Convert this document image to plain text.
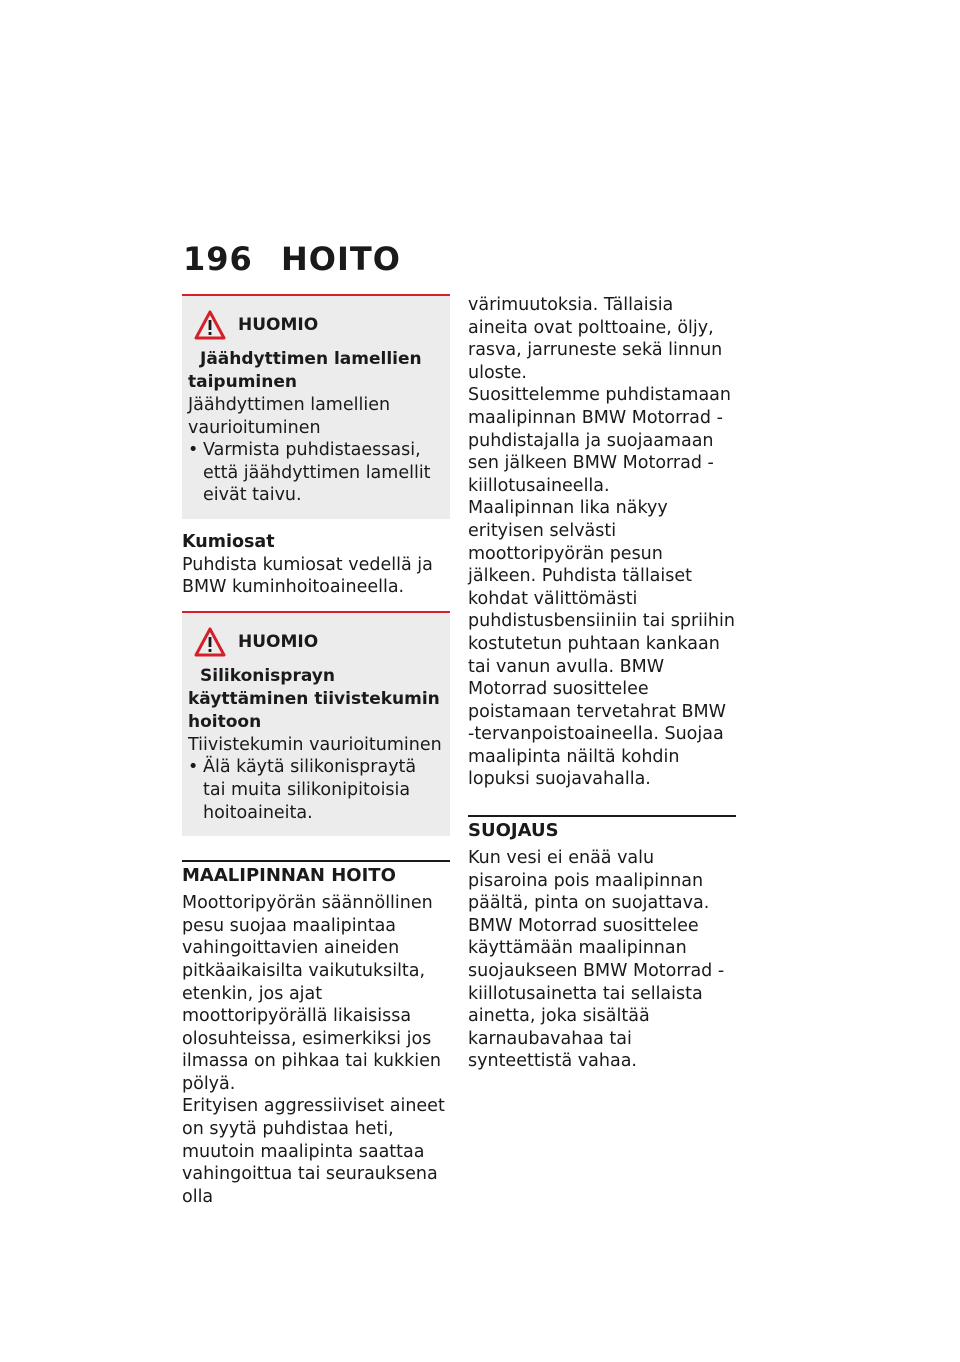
196 HOITO
HUOMIO

Jäähdyttimen lamellien taipuminen

Jäähdyttimen lamellien vaurioituminen

• Varmista puhdistaessasi, että jäähdyttimen lamellit eivät taivu.

Kumiosat

Puhdista kumiosat vedellä ja BMW kuminhoitoaineella.

HUOMIO

Silikonisprayn käyttäminen tiivistekumin hoitoon

Tiivistekumin vaurioituminen

• Älä käytä silikonispraytä tai muita silikonipitoisia hoitoaineita.

MAALIPINNAN HOITO

Moottoripyörän säännöllinen pesu suojaa maalipintaa vahingoittavien aineiden pitkäaikaisilta vaikutuksilta, etenkin, jos ajat moottoripyörällä likaisissa olosuhteissa, esimerkiksi jos ilmassa on pihkaa tai kukkien pölyä.

Erityisen aggressiiviset aineet on syytä puhdistaa heti, muutoin maalipinta saattaa vahingoittua tai seurauksena olla

värimuutoksia. Tällaisia aineita ovat polttoaine, öljy, rasva, jarruneste sekä linnun uloste.

Suosittelemme puhdistamaan maalipinnan BMW Motorrad -puhdistajalla ja suojaamaan sen jälkeen BMW Motorrad -kiillotusaineella.

Maalipinnan lika näkyy erityisen selvästi moottoripyörän pesun jälkeen. Puhdista tällaiset kohdat välittömästi puhdistusbensiiniin tai spriihin kostutetun puhtaan kankaan tai vanun avulla. BMW Motorrad suosittelee poistamaan tervetahrat BMW -tervanpoistoaineella. Suojaa maalipinta näiltä kohdin lopuksi suojavahalla.

SUOJAUS

Kun vesi ei enää valu pisaroina pois maalipinnan päältä, pinta on suojattava.

BMW Motorrad suosittelee käyttämään maalipinnan suojaukseen BMW Motorrad -kiillotusainetta tai sellaista ainetta, joka sisältää karnaubavahaa tai synteettistä vahaa.
